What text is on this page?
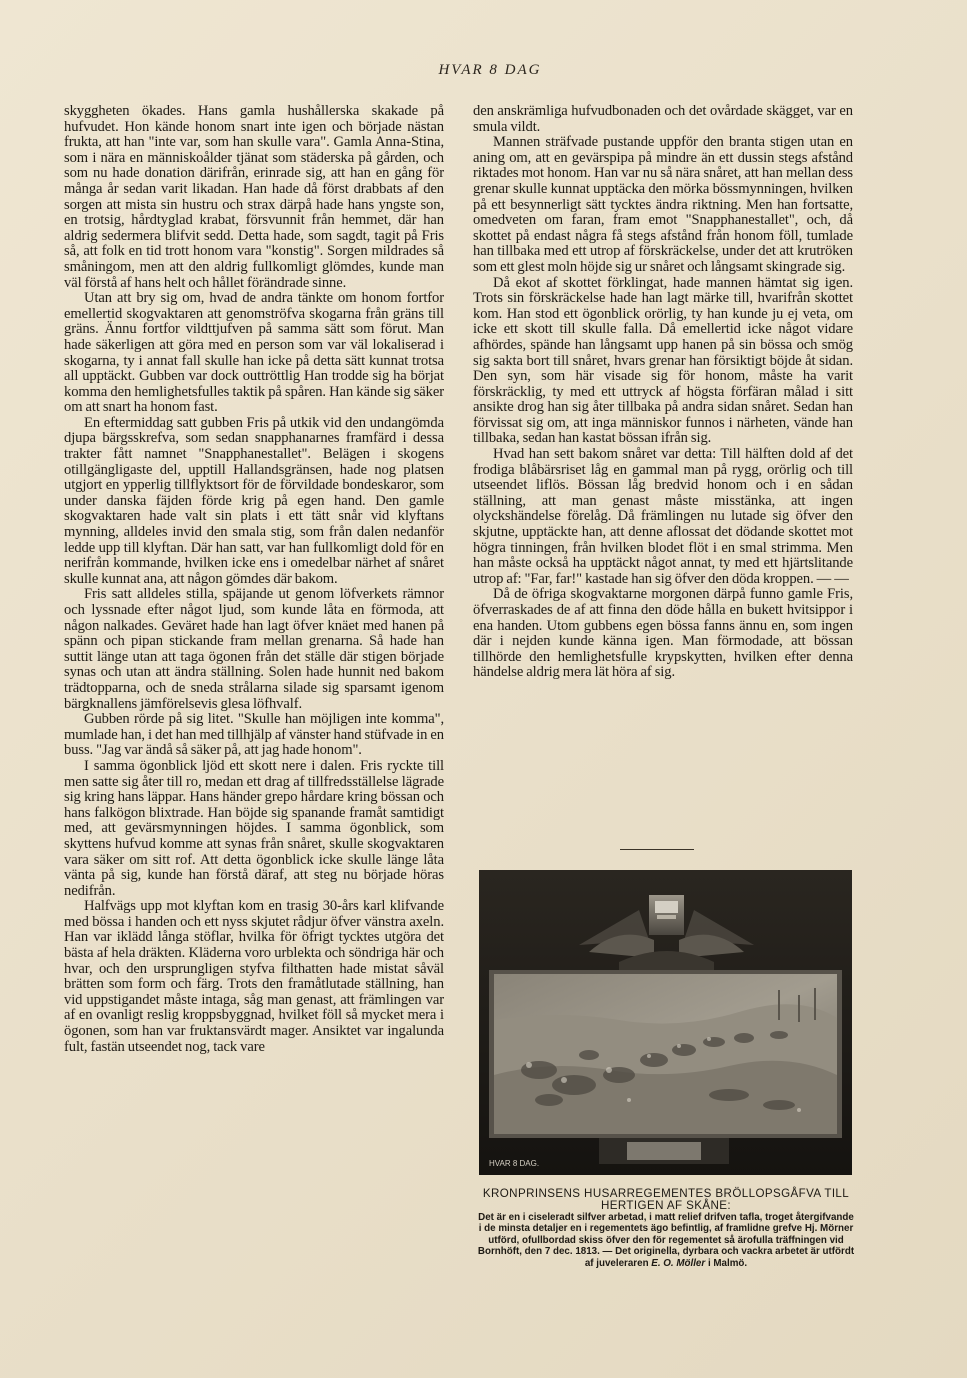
HVAR 8 DAG

skyggheten ökades. Hans gamla hushållerska skakade på hufvudet. Hon kände honom snart inte igen och började nästan frukta, att han "inte var, som han skulle vara". Gamla Anna-Stina, som i nära en människoålder tjänat som städerska på gården, och som nu hade donation därifrån, erinrade sig, att han en gång för många år sedan varit likadan. Han hade då först drabbats af den sorgen att mista sin hustru och strax därpå hade hans yngste son, en trotsig, hårdtyglad krabat, försvunnit från hemmet, där han aldrig sedermera blifvit sedd. Detta hade, som sagdt, tagit på Fris så, att folk en tid trott honom vara "konstig". Sorgen mildrades så småningom, men att den aldrig fullkomligt glömdes, kunde man väl förstå af hans helt och hållet förändrade sinne.

Utan att bry sig om, hvad de andra tänkte om honom fortfor emellertid skogvaktaren att genomströfva skogarna från gräns till gräns. Ännu fortfor vildttjufven på samma sätt som förut. Man hade säkerligen att göra med en person som var väl lokaliserad i skogarna, ty i annat fall skulle han icke på detta sätt kunnat trotsa all upptäckt. Gubben var dock outtröttlig Han trodde sig ha börjat komma den hemlighetsfulles taktik på spåren. Han kände sig säker om att snart ha honom fast.

En eftermiddag satt gubben Fris på utkik vid den undangömda djupa bärgsskrefva, som sedan snapphanarnes framfärd i dessa trakter fått namnet "Snapphanestallet". Belägen i skogens otillgängligaste del, upptill Hallandsgränsen, hade nog platsen utgjort en ypperlig tillflyktsort för de förvildade bondeskaror, som under danska fäjden förde krig på egen hand. Den gamle skogvaktaren hade valt sin plats i ett tätt snår vid klyftans mynning, alldeles invid den smala stig, som från dalen nedanför ledde upp till klyftan. Där han satt, var han fullkomligt dold för en nerifrån kommande, hvilken icke ens i omedelbar närhet af snåret skulle kunnat ana, att någon gömdes där bakom.

Fris satt alldeles stilla, späjande ut genom löfverkets rämnor och lyssnade efter något ljud, som kunde låta en förmoda, att någon nalkades. Geväret hade han lagt öfver knäet med hanen på spänn och pipan stickande fram mellan grenarna. Så hade han suttit länge utan att taga ögonen från det ställe där stigen började synas och utan att ändra ställning. Solen hade hunnit ned bakom trädtopparna, och de sneda strålarna silade sig sparsamt igenom bärgknallens jämförelsevis glesa löfhvalf.

Gubben rörde på sig litet. "Skulle han möjligen inte komma", mumlade han, i det han med tillhjälp af vänster hand stüfvade in en buss. "Jag var ändå så säker på, att jag hade honom".

I samma ögonblick ljöd ett skott nere i dalen. Fris ryckte till men satte sig åter till ro, medan ett drag af tillfredsställelse lägrade sig kring hans läppar. Hans händer grepo hårdare kring bössan och hans falkögon blixtrade. Han böjde sig spanande framåt samtidigt med, att gevärsmynningen höjdes. I samma ögonblick, som skyttens hufvud komme att synas från snåret, skulle skogvaktaren vara säker om sitt rof. Att detta ögonblick icke skulle länge låta vänta på sig, kunde han förstå däraf, att steg nu började höras nedifrån.

Halfvägs upp mot klyftan kom en trasig 30-års karl klifvande med bössa i handen och ett nyss skjutet rådjur öfver vänstra axeln. Han var iklädd långa stöflar, hvilka för öfrigt tycktes utgöra det bästa af hela dräkten. Kläderna voro urblekta och söndriga här och hvar, och den ursprungligen styfva filthatten hade mistat såväl brätten som form och färg. Trots den framåtlutade ställning, han vid uppstigandet måste intaga, såg man genast, att främlingen var af en ovanligt reslig kroppsbyggnad, hvilket föll så mycket mera i ögonen, som han var fruktansvärdt mager. Ansiktet var ingalunda fult, fastän utseendet nog, tack vare

den anskrämliga hufvudbonaden och det ovårdade skägget, var en smula vildt.

Mannen sträfvade pustande uppför den branta stigen utan en aning om, att en gevärspipa på mindre än ett dussin stegs afstånd riktades mot honom. Han var nu så nära snåret, att han mellan dess grenar skulle kunnat upptäcka den mörka bössmynningen, hvilken på ett besynnerligt sätt tycktes ändra riktning. Men han fortsatte, omedveten om faran, fram emot "Snapphanestallet", och, då skottet på endast några få stegs afstånd från honom föll, tumlade han tillbaka med ett utrop af förskräckelse, under det att krutröken som ett glest moln höjde sig ur snåret och långsamt skingrade sig.

Då ekot af skottet förklingat, hade mannen hämtat sig igen. Trots sin förskräckelse hade han lagt märke till, hvarifrån skottet kom. Han stod ett ögonblick orörlig, ty han kunde ju ej veta, om icke ett skott till skulle falla. Då emellertid icke något vidare afhördes, spände han långsamt upp hanen på sin bössa och smög sig sakta bort till snåret, hvars grenar han försiktigt böjde åt sidan. Den syn, som här visade sig för honom, måste ha varit förskräcklig, ty med ett uttryck af högsta förfäran målad i sitt ansikte drog han sig åter tillbaka på andra sidan snåret. Sedan han förvissat sig om, att inga människor funnos i närheten, vände han tillbaka, sedan han kastat bössan ifrån sig.

Hvad han sett bakom snåret var detta: Till hälften dold af det frodiga blåbärsriset låg en gammal man på rygg, orörlig och till utseendet liflös. Bössan låg bredvid honom och i en sådan ställning, att man genast måste misstänka, att ingen olyckshändelse förelåg. Då främlingen nu lutade sig öfver den skjutne, upptäckte han, att denne aflossat det dödande skottet mot högra tinningen, från hvilken blodet flöt i en smal strimma. Men han måste också ha upptäckt något annat, ty med ett hjärtslitande utrop af: "Far, far!" kastade han sig öfver den döda kroppen. — —

Då de öfriga skogvaktarne morgonen därpå funno gamle Fris, öfverraskades de af att finna den döde hålla en bukett hvitsippor i ena handen. Utom gubbens egen bössa fanns ännu en, som ingen där i nejden kunde känna igen. Man förmodade, att bössan tillhörde den hemlighetsfulle krypskytten, hvilken efter denna händelse aldrig mera lät höra af sig.

HVAR 8 DAG.
KRONPRINSENS HUSARREGEMENTES BRÖLLOPSGÅFVA TILL HERTIGEN AF SKÅNE:
Det är en i ciseleradt silfver arbetad, i matt relief drifven tafla, troget återgifvande i de minsta detaljer en i regementets ägo befintlig, af framlidne grefve Hj. Mörner utförd, ofullbordad skiss öfver den för regementet så ärofulla träffningen vid Bornhöft, den 7 dec. 1813. — Det originella, dyrbara och vackra arbetet är utfördt af juveleraren E. O. Möller i Malmö.
